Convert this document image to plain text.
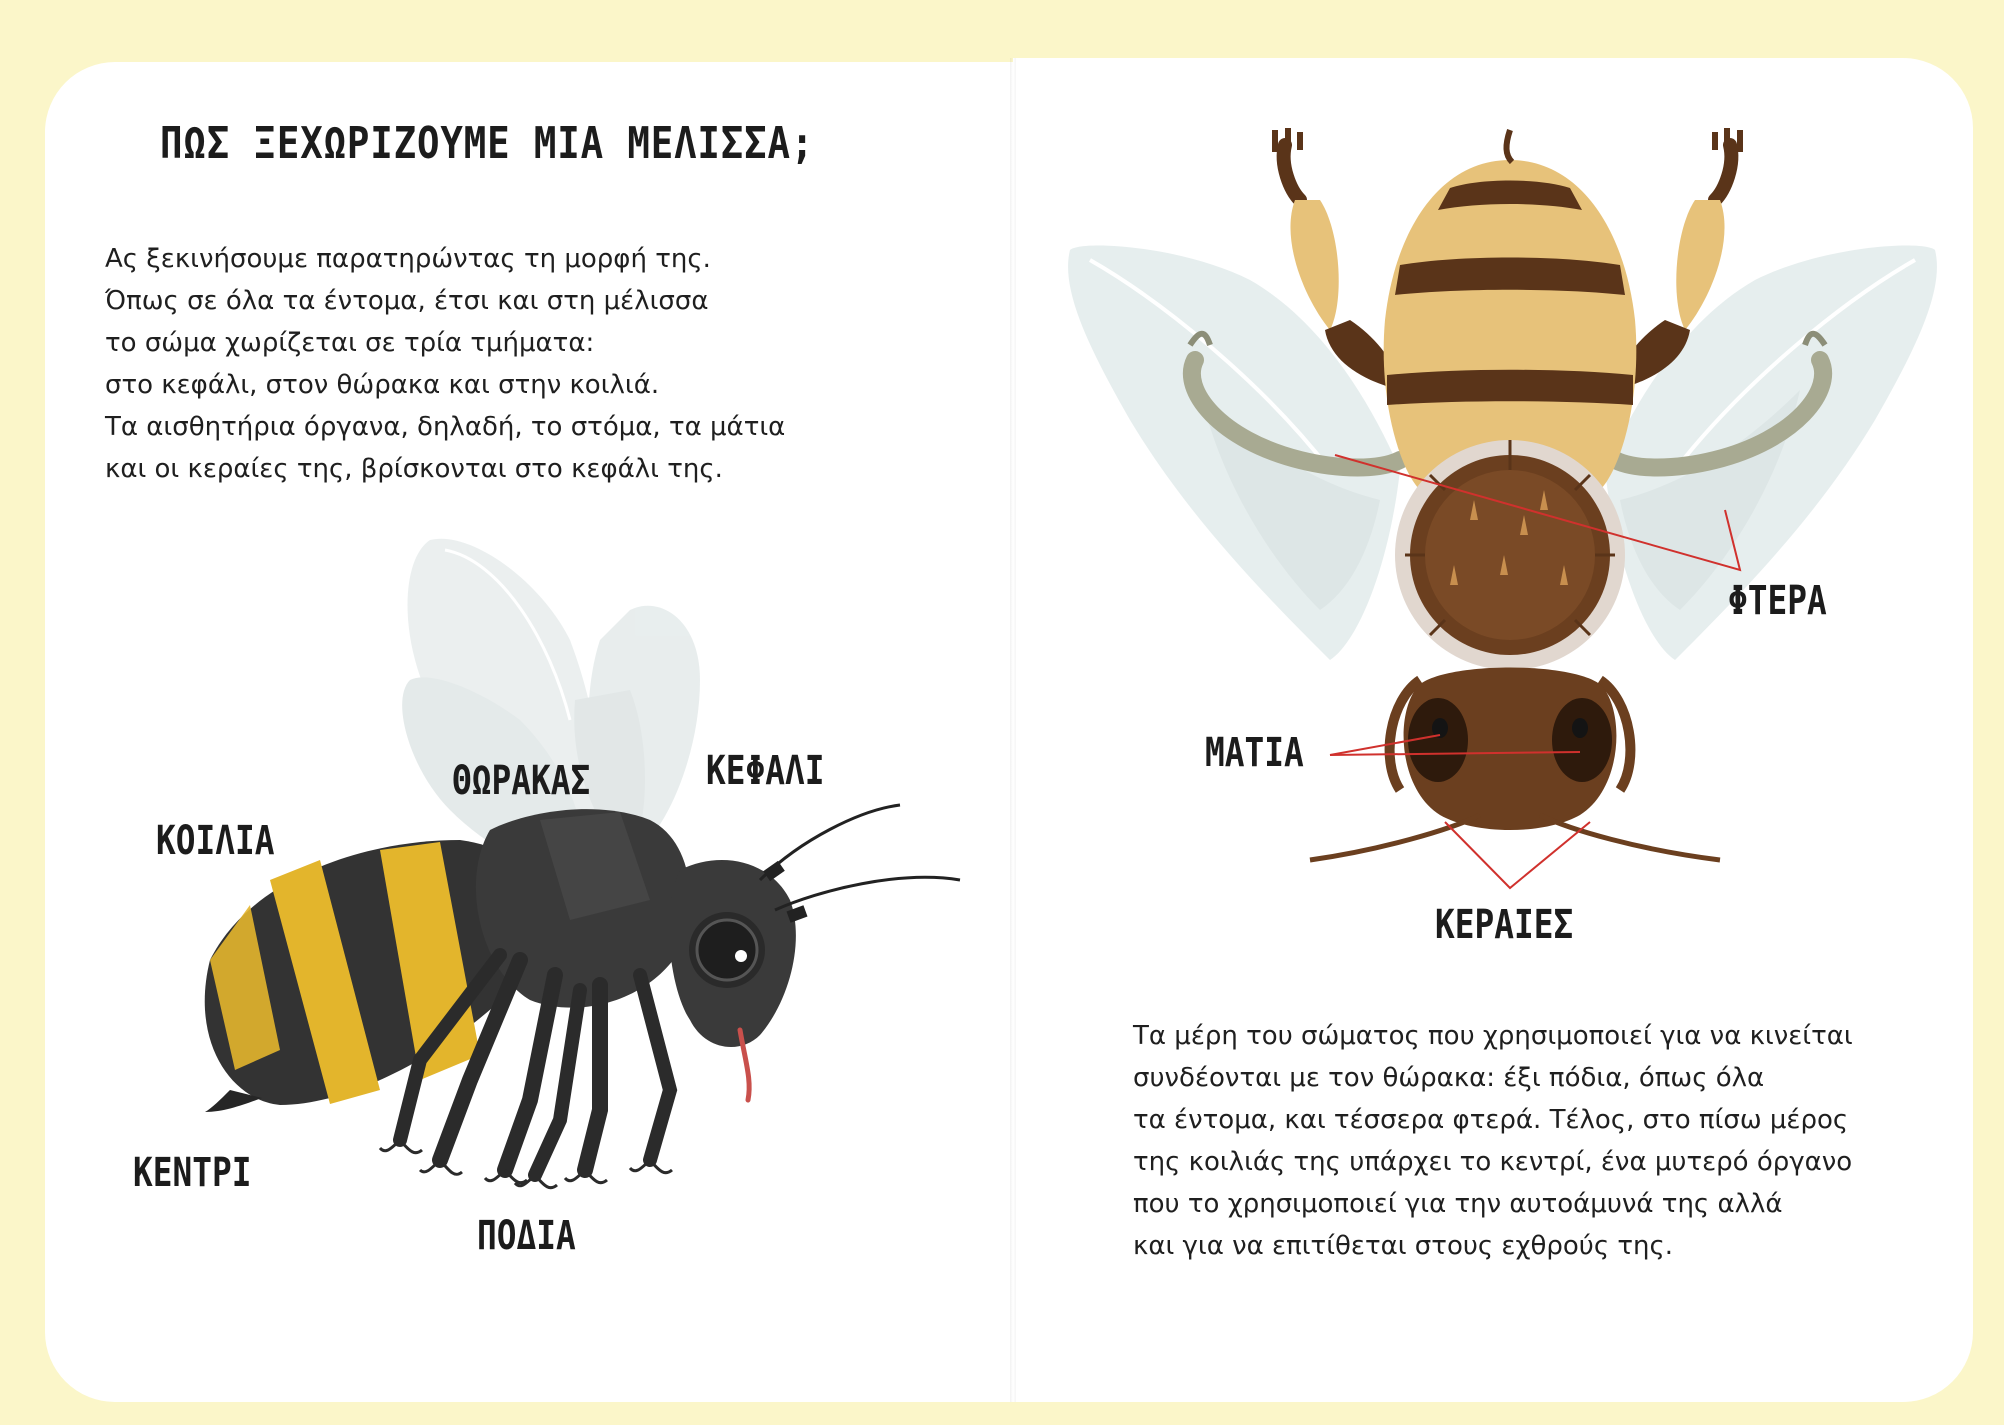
ΠΩΣ ΞΕΧΩΡΙΖΟΥΜΕ ΜΙΑ ΜΕΛΙΣΣΑ;

Ας ξεκινήσουμε παρατηρώντας τη μορφή της.
Όπως σε όλα τα έντομα, έτσι και στη μέλισσα
το σώμα χωρίζεται σε τρία τμήματα:
στο κεφάλι, στον θώρακα και στην κοιλιά.
Τα αισθητήρια όργανα, δηλαδή, το στόμα, τα μάτια
και οι κεραίες της, βρίσκονται στο κεφάλι της.

ΘΩΡΑΚΑΣ	ΚΕΦΑΛΙ
ΚΟΙΛΙΑ
ΚΕΝΤΡΙ
ΠΟΔΙΑ
ΦΤΕΡΑ
ΜΑΤΙΑ
ΚΕΡΑΙΕΣ

Τα μέρη του σώματος που χρησιμοποιεί για να κινείται
συνδέονται με τον θώρακα: έξι πόδια, όπως όλα
τα έντομα, και τέσσερα φτερά. Τέλος, στο πίσω μέρος
της κοιλιάς της υπάρχει το κεντρί, ένα μυτερό όργανο
που το χρησιμοποιεί για την αυτοάμυνά της αλλά
και για να επιτίθεται στους εχθρούς της.
